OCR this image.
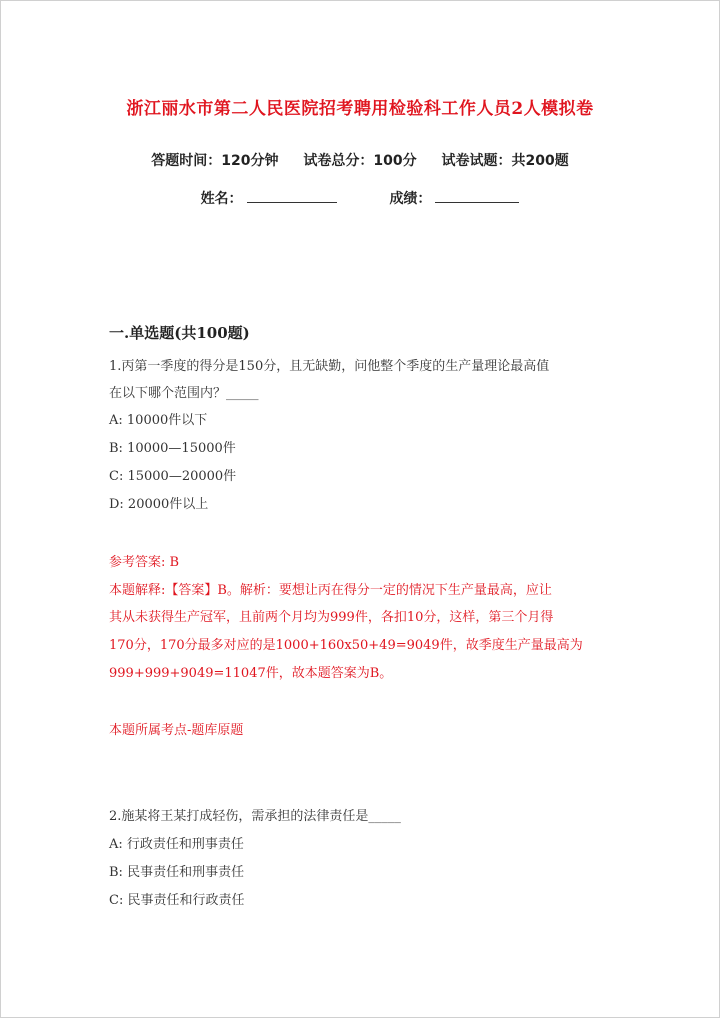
浙江丽水市第二人民医院招考聘用检验科工作人员2人模拟卷
答题时间：120分钟 试卷总分：100分 试卷试题：共200题
姓名：	成绩：
一.单选题(共100题)
1.丙第一季度的得分是150分，且无缺勤，问他整个季度的生产量理论最高值
在以下哪个范围内？_____
A: 10000件以下
B: 10000—15000件
C: 15000—20000件
D: 20000件以上
参考答案: B
本题解释:【答案】B。解析：要想让丙在得分一定的情况下生产量最高，应让
其从未获得生产冠军，且前两个月均为999件，各扣10分，这样，第三个月得
170分，170分最多对应的是1000+160x50+49=9049件，故季度生产量最高为
999+999+9049=11047件，故本题答案为B。
本题所属考点-题库原题
2.施某将王某打成轻伤，需承担的法律责任是_____
A: 行政责任和刑事责任
B: 民事责任和刑事责任
C: 民事责任和行政责任
